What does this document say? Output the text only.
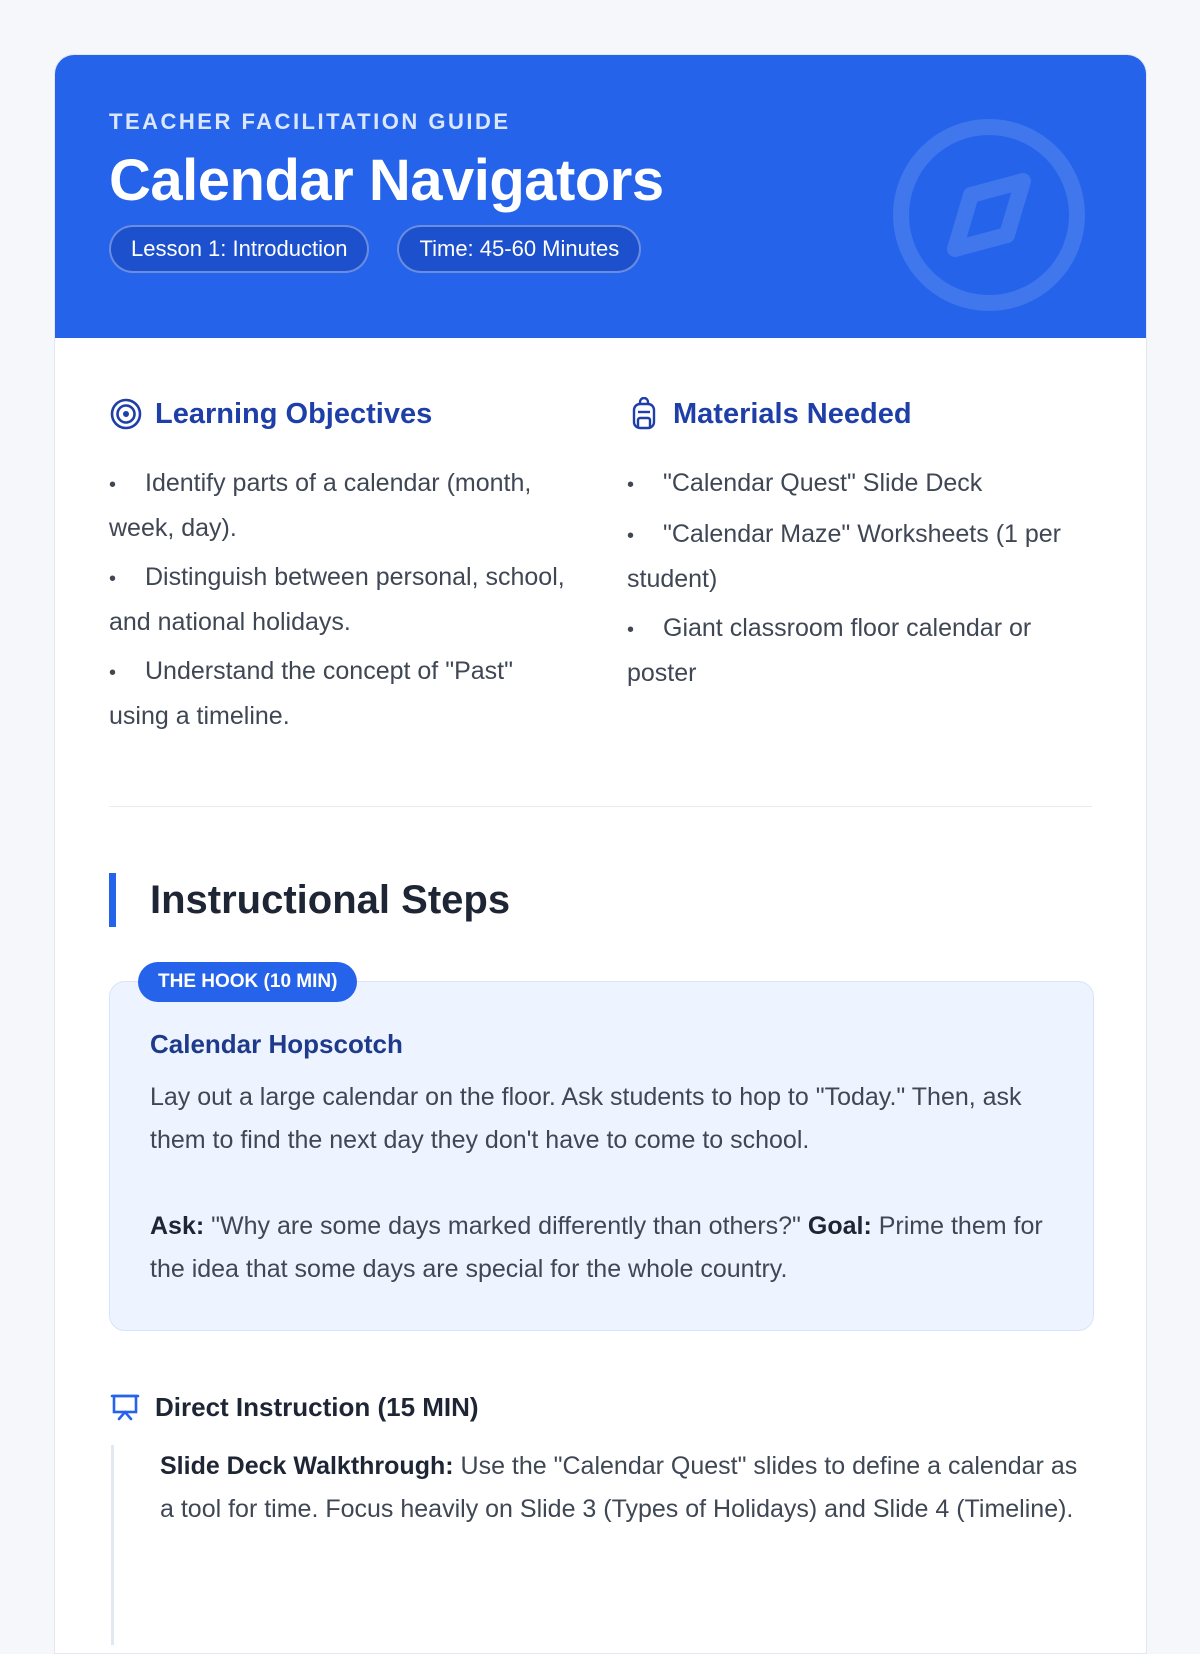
TEACHER FACILITATION GUIDE
Calendar Navigators
Lesson 1: Introduction	Time: 45-60 Minutes
Learning Objectives
• Identify parts of a calendar (month, week, day).
• Distinguish between personal, school, and national holidays.
• Understand the concept of "Past" using a timeline.
Materials Needed
• "Calendar Quest" Slide Deck
• "Calendar Maze" Worksheets (1 per student)
• Giant classroom floor calendar or poster
Instructional Steps
THE HOOK (10 MIN)
Calendar Hopscotch
Lay out a large calendar on the floor. Ask students to hop to "Today." Then, ask them to find the next day they don't have to come to school.
Ask: "Why are some days marked differently than others?" Goal: Prime them for the idea that some days are special for the whole country.
Direct Instruction (15 MIN)
Slide Deck Walkthrough: Use the "Calendar Quest" slides to define a calendar as a tool for time. Focus heavily on Slide 3 (Types of Holidays) and Slide 4 (Timeline).
